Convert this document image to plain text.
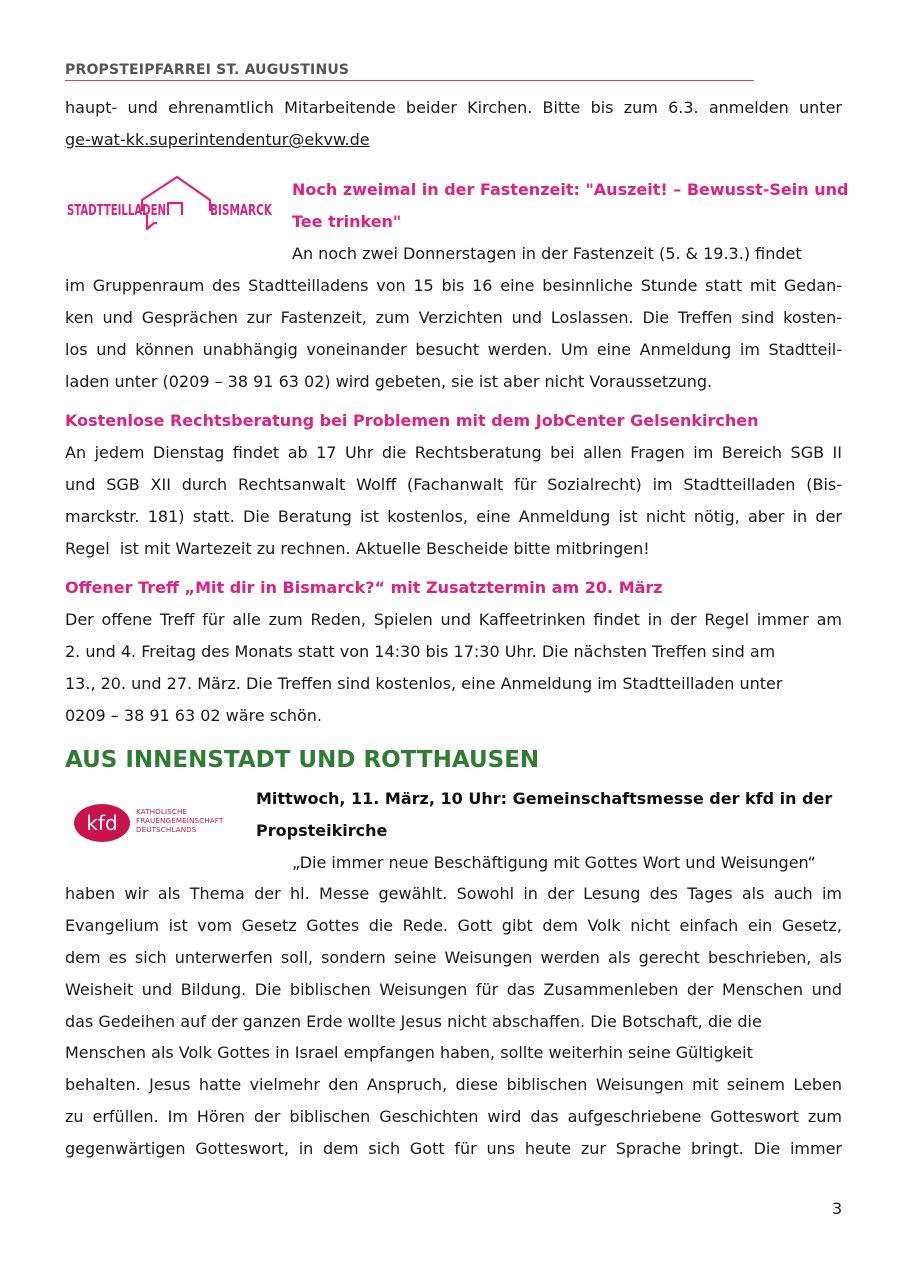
PROPSTEIPFARREI ST. AUGUSTINUS
haupt- und ehrenamtlich Mitarbeitende beider Kirchen. Bitte bis zum 6.3. anmelden unter
ge-wat-kk.superintendentur@ekvw.de
STADTTEILLADEN	BISMARCK
Noch zweimal in der Fastenzeit: "Auszeit! – Bewusst-Sein und
Tee trinken"
An noch zwei Donnerstagen in der Fastenzeit (5. & 19.3.) findet
im Gruppenraum des Stadtteilladens von 15 bis 16 eine besinnliche Stunde statt mit Gedan-
ken und Gesprächen zur Fastenzeit, zum Verzichten und Loslassen. Die Treffen sind kosten-
los und können unabhängig voneinander besucht werden. Um eine Anmeldung im Stadtteil-
laden unter (0209 – 38 91 63 02) wird gebeten, sie ist aber nicht Voraussetzung.
Kostenlose Rechtsberatung bei Problemen mit dem JobCenter Gelsenkirchen
An jedem Dienstag findet ab 17 Uhr die Rechtsberatung bei allen Fragen im Bereich SGB II
und SGB XII durch Rechtsanwalt Wolff (Fachanwalt für Sozialrecht) im Stadtteilladen (Bis-
marckstr. 181) statt. Die Beratung ist kostenlos, eine Anmeldung ist nicht nötig, aber in der
Regel  ist mit Wartezeit zu rechnen. Aktuelle Bescheide bitte mitbringen!
Offener Treff „Mit dir in Bismarck?“ mit Zusatztermin am 20. März
Der offene Treff für alle zum Reden, Spielen und Kaffeetrinken findet in der Regel immer am
2. und 4. Freitag des Monats statt von 14:30 bis 17:30 Uhr. Die nächsten Treffen sind am
13., 20. und 27. März. Die Treffen sind kostenlos, eine Anmeldung im Stadtteilladen unter
0209 – 38 91 63 02 wäre schön.
AUS INNENSTADT UND ROTTHAUSEN
kfd	KATHOLISCHE
FRAUENGEMEINSCHAFT
DEUTSCHLANDS
Mittwoch, 11. März, 10 Uhr: Gemeinschaftsmesse der kfd in der
Propsteikirche
„Die immer neue Beschäftigung mit Gottes Wort und Weisungen“
haben wir als Thema der hl. Messe gewählt. Sowohl in der Lesung des Tages als auch im
Evangelium ist vom Gesetz Gottes die Rede. Gott gibt dem Volk nicht einfach ein Gesetz,
dem es sich unterwerfen soll, sondern seine Weisungen werden als gerecht beschrieben, als
Weisheit und Bildung. Die biblischen Weisungen für das Zusammenleben der Menschen und
das Gedeihen auf der ganzen Erde wollte Jesus nicht abschaffen. Die Botschaft, die die
Menschen als Volk Gottes in Israel empfangen haben, sollte weiterhin seine Gültigkeit
behalten. Jesus hatte vielmehr den Anspruch, diese biblischen Weisungen mit seinem Leben
zu erfüllen. Im Hören der biblischen Geschichten wird das aufgeschriebene Gotteswort zum
gegenwärtigen Gotteswort, in dem sich Gott für uns heute zur Sprache bringt. Die immer
3
